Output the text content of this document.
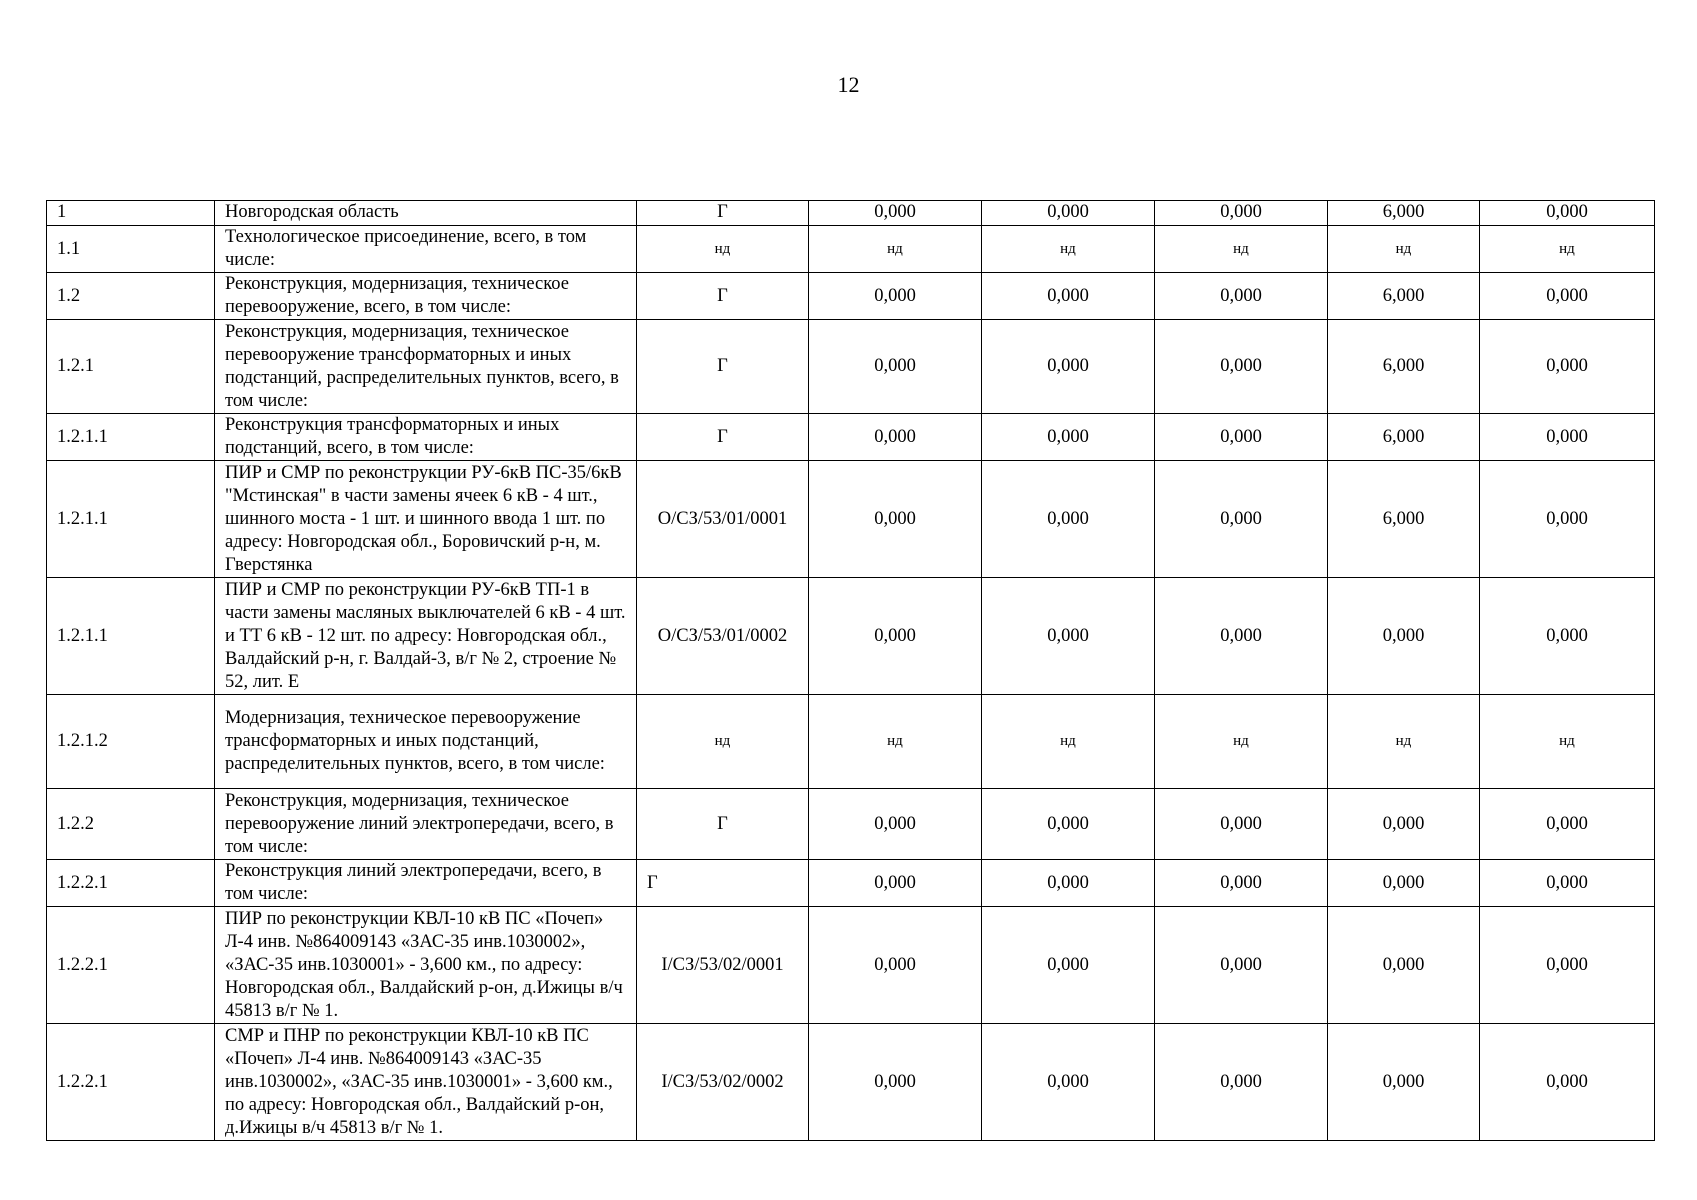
12
1	Новгородская область	Г	0,000	0,000	0,000	6,000	0,000
1.1	Технологическое присоединение, всего, в том числе:	нд	нд	нд	нд	нд	нд
1.2	Реконструкция, модернизация, техническое перевооружение, всего, в том числе:	Г	0,000	0,000	0,000	6,000	0,000
1.2.1	Реконструкция, модернизация, техническое перевооружение трансформаторных и иных подстанций, распределительных пунктов, всего, в том числе:	Г	0,000	0,000	0,000	6,000	0,000
1.2.1.1	Реконструкция трансформаторных и иных подстанций, всего, в том числе:	Г	0,000	0,000	0,000	6,000	0,000
1.2.1.1	ПИР и СМР по реконструкции РУ-6кВ ПС-35/6кВ "Мстинская" в части замены ячеек 6 кВ - 4 шт., шинного моста - 1 шт. и шинного ввода 1 шт. по адресу: Новгородская обл., Боровичский р-н, м. Гверстянка	О/СЗ/53/01/0001	0,000	0,000	0,000	6,000	0,000
1.2.1.1	ПИР и СМР по реконструкции РУ-6кВ ТП-1 в части замены масляных выключателей 6 кВ - 4 шт. и ТТ 6 кВ - 12 шт. по адресу: Новгородская обл., Валдайский р-н, г. Валдай-3, в/г № 2, строение № 52, лит. Е	О/СЗ/53/01/0002	0,000	0,000	0,000	0,000	0,000
1.2.1.2	Модернизация, техническое перевооружение трансформаторных и иных подстанций, распределительных пунктов, всего, в том числе:	нд	нд	нд	нд	нд	нд
1.2.2	Реконструкция, модернизация, техническое перевооружение линий электропередачи, всего, в том числе:	Г	0,000	0,000	0,000	0,000	0,000
1.2.2.1	Реконструкция линий электропередачи, всего, в том числе:	Г	0,000	0,000	0,000	0,000	0,000
1.2.2.1	ПИР по реконструкции КВЛ-10 кВ ПС «Почеп» Л-4 инв. №864009143 «ЗАС-35 инв.1030002», «ЗАС-35 инв.1030001» - 3,600 км., по адресу: Новгородская обл., Валдайский р-он, д.Ижицы в/ч 45813 в/г № 1.	I/СЗ/53/02/0001	0,000	0,000	0,000	0,000	0,000
1.2.2.1	СМР и ПНР по реконструкции КВЛ-10 кВ ПС «Почеп» Л-4 инв. №864009143 «ЗАС-35 инв.1030002», «ЗАС-35 инв.1030001» - 3,600 км., по адресу: Новгородская обл., Валдайский р-он, д.Ижицы в/ч 45813 в/г № 1.	I/СЗ/53/02/0002	0,000	0,000	0,000	0,000	0,000
